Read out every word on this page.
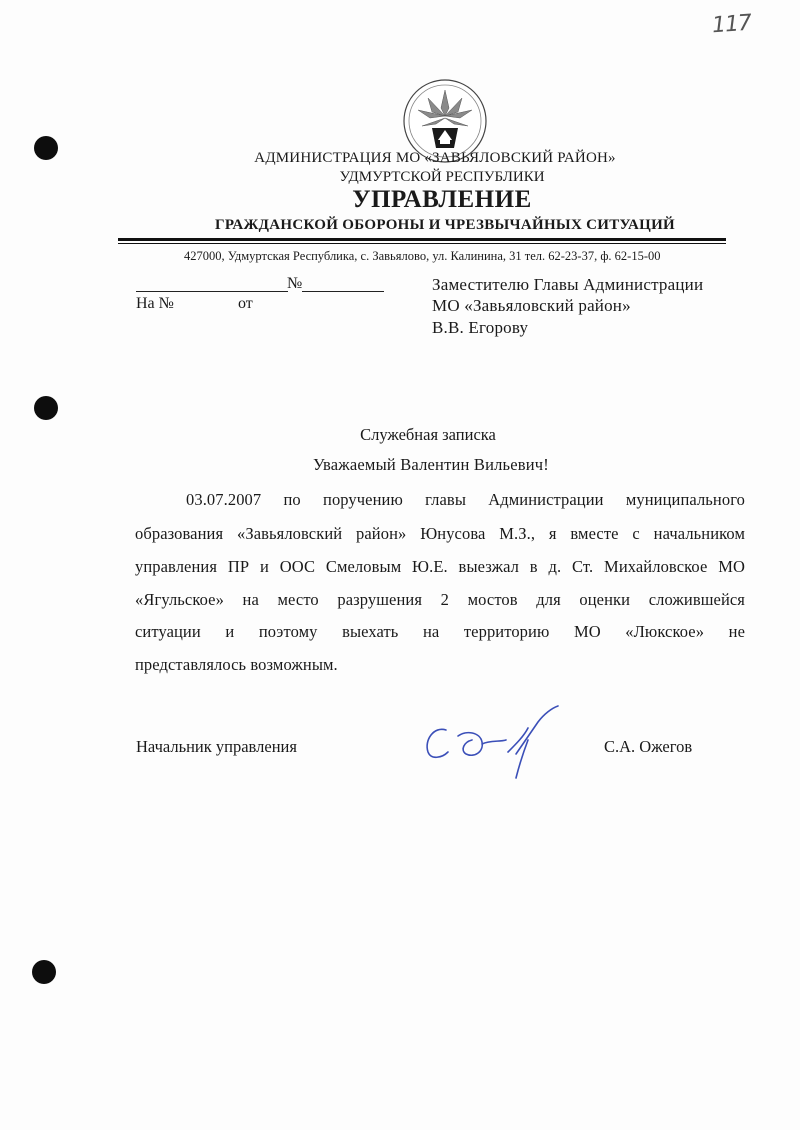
117
АДМИНИСТРАЦИЯ МО «ЗАВЬЯЛОВСКИЙ РАЙОН»
УДМУРТСКОЙ РЕСПУБЛИКИ
УПРАВЛЕНИЕ
ГРАЖДАНСКОЙ ОБОРОНЫ И ЧРЕЗВЫЧАЙНЫХ СИТУАЦИЙ
427000, Удмуртская Республика, с. Завьялово, ул. Калинина, 31 тел. 62-23-37, ф. 62-15-00
№
На №	от
Заместителю Главы Администрации
МО «Завьяловский район»
В.В. Егорову
Служебная записка
Уважаемый Валентин Вильевич!
03.07.2007 по поручению главы Администрации муниципального
образования «Завьяловский район» Юнусова М.З., я вместе с начальником
управления ПР и ООС Смеловым Ю.Е. выезжал в д. Ст. Михайловское МО
«Ягульское» на место разрушения 2 мостов для оценки сложившейся
ситуации и поэтому выехать на территорию МО «Люкское» не
представлялось возможным.
Начальник управления	С.А. Ожегов
